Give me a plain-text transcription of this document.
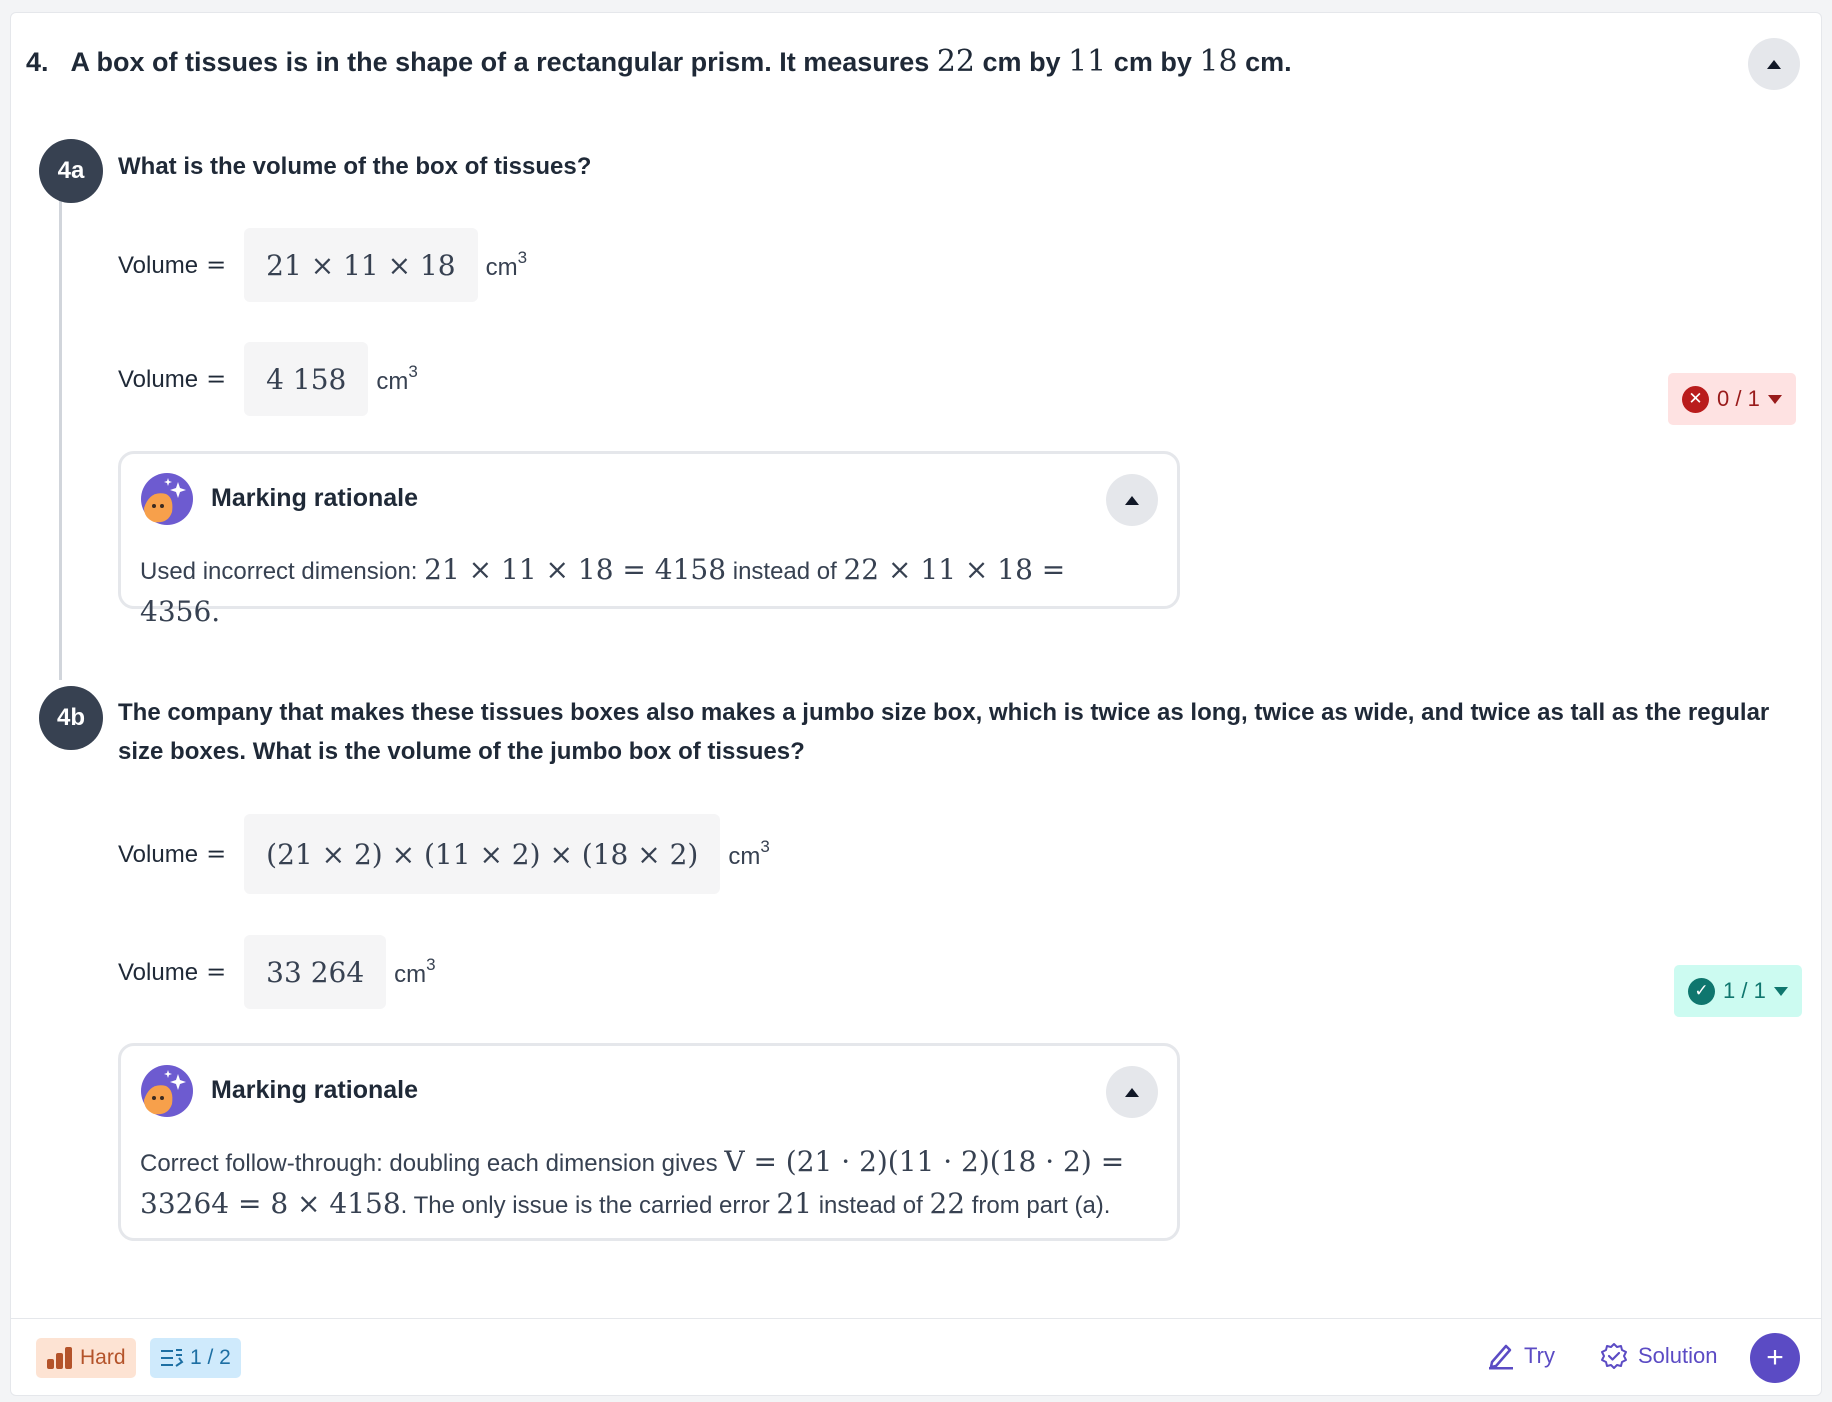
4. A box of tissues is in the shape of a rectangular prism. It measures 22 cm by 11 cm by 18 cm.
4a	What is the volume of the box of tissues?
Volume =	21 × 11 × 18	$cm^3$
Volume =	4 158	$cm^3$
✕ 0 / 1
Marking rationale
Used incorrect dimension: 21 × 11 × 18 = 4158 instead of 22 × 11 × 18 = 4356.
4b	The company that makes these tissues boxes also makes a jumbo size box, which is twice as long, twice as wide, and twice as tall as the regular size boxes. What is the volume of the jumbo box of tissues?
Volume =	(21 × 2) × (11 × 2) × (18 × 2)	$cm^3$
Volume =	33 264	$cm^3$
✓ 1 / 1
Marking rationale
Correct follow-through: doubling each dimension gives V = (21 · 2)(11 · 2)(18 · 2) = 33264 = 8 × 4158. The only issue is the carried error 21 instead of 22 from part (a).
Hard	1 / 2	Try	Solution	+
